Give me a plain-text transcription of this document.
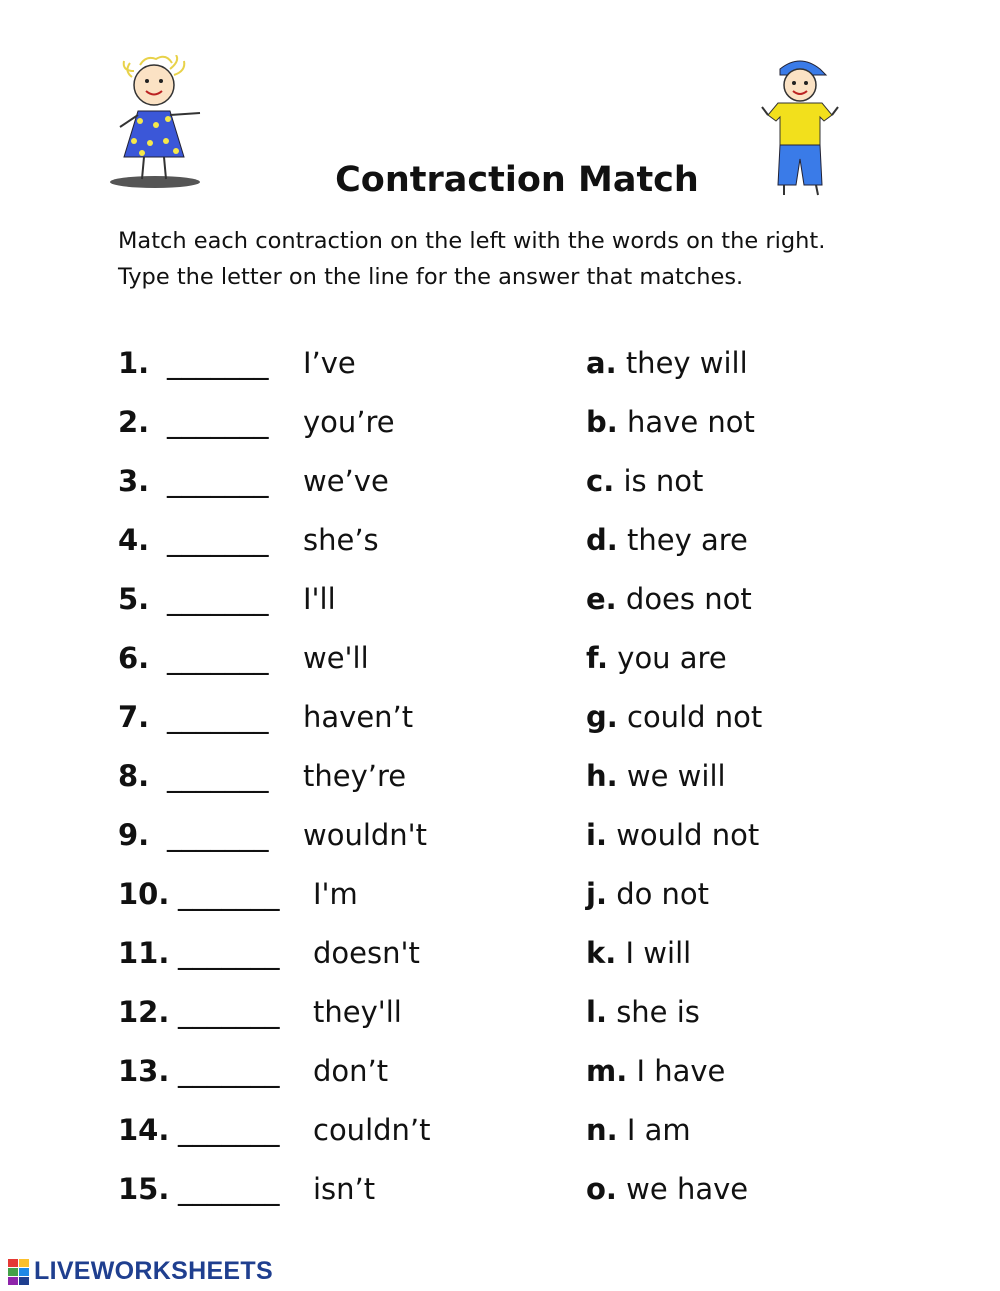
Contraction Match
Match each contraction on the left with the words on the right.
Type the letter on the line for the answer that matches.
1. _______ I’ve	a. they will
2. _______ you’re	b. have not
3. _______ we’ve	c. is not
4. _______ she’s	d. they are
5. _______ I'll	e. does not
6. _______ we'll	f. you are
7. _______ haven’t	g. could not
8. _______ they’re	h. we will
9. _______ wouldn't	i. would not
10. _______ I'm	j. do not
11. _______ doesn't	k. I will
12. _______ they'll	l. she is
13. _______ don’t	m. I have
14. _______ couldn’t	n. I am
15. _______ isn’t	o. we have
LIVEWORKSHEETS
